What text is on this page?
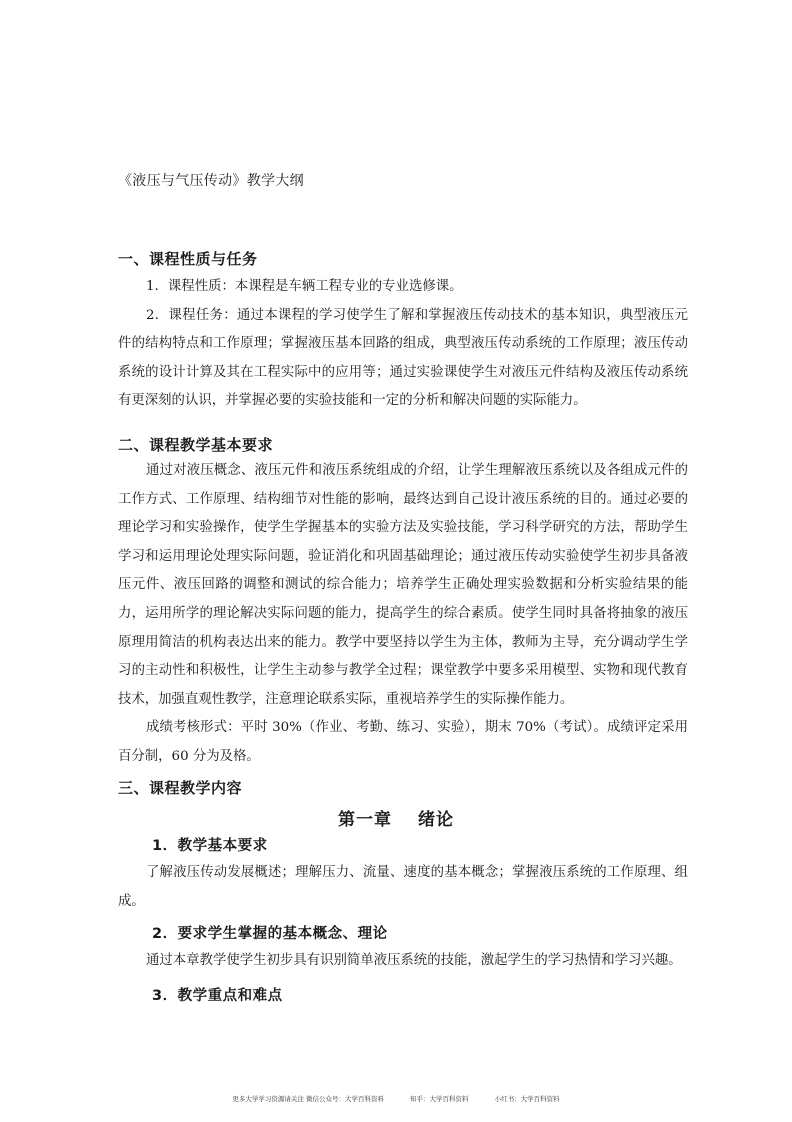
《液压与气压传动》教学大纲
一、课程性质与任务

1．课程性质：本课程是车辆工程专业的专业选修课。

2．课程任务：通过本课程的学习使学生了解和掌握液压传动技术的基本知识，典型液压元件的结构特点和工作原理；掌握液压基本回路的组成，典型液压传动系统的工作原理；液压传动系统的设计计算及其在工程实际中的应用等；通过实验课使学生对液压元件结构及液压传动系统有更深刻的认识，并掌握必要的实验技能和一定的分析和解决问题的实际能力。

二、课程教学基本要求

通过对液压概念、液压元件和液压系统组成的介绍，让学生理解液压系统以及各组成元件的工作方式、工作原理、结构细节对性能的影响，最终达到自己设计液压系统的目的。通过必要的理论学习和实验操作，使学生学握基本的实验方法及实验技能，学习科学研究的方法，帮助学生学习和运用理论处理实际问题，验证消化和巩固基础理论；通过液压传动实验使学生初步具备液压元件、液压回路的调整和测试的综合能力；培养学生正确处理实验数据和分析实验结果的能力，运用所学的理论解决实际问题的能力，提高学生的综合素质。使学生同时具备将抽象的液压原理用简洁的机构表达出来的能力。教学中要坚持以学生为主体，教师为主导，充分调动学生学习的主动性和积极性，让学生主动参与教学全过程；课堂教学中要多采用模型、实物和现代教育技术，加强直观性教学，注意理论联系实际，重视培养学生的实际操作能力。

成绩考核形式：平时 30%（作业、考勤、练习、实验），期末 70%（考试）。成绩评定采用百分制，60 分为及格。

三、课程教学内容
第一章 绪论
1．教学基本要求

了解液压传动发展概述；理解压力、流量、速度的基本概念；掌握液压系统的工作原理、组成。

2．要求学生掌握的基本概念、理论

通过本章教学使学生初步具有识别简单液压系统的技能，激起学生的学习热情和学习兴趣。

3．教学重点和难点
更多大学学习资源请关注 微信公众号：大学百科资料	知乎：大学百科资料	小红书：大学百科资料
